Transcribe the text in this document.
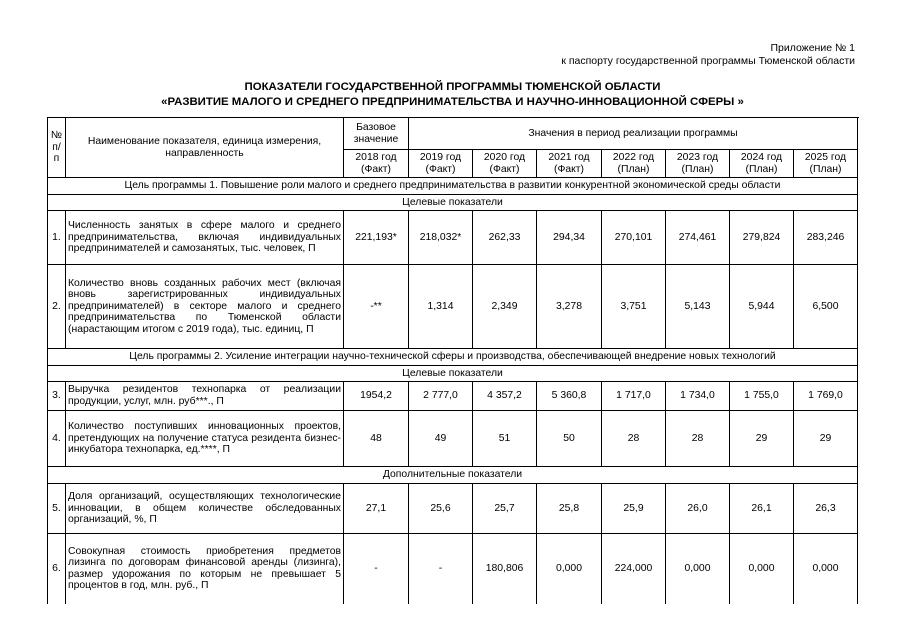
Приложение № 1
к паспорту государственной программы Тюменской области
ПОКАЗАТЕЛИ ГОСУДАРСТВЕННОЙ ПРОГРАММЫ ТЮМЕНСКОЙ ОБЛАСТИ
«РАЗВИТИЕ МАЛОГО И СРЕДНЕГО ПРЕДПРИНИМАТЕЛЬСТВА И НАУЧНО-ИННОВАЦИОННОЙ СФЕРЫ »
№ п/п	Наименование показателя, единица измерения, направленность	Базовое значение	Значения в период реализации программы						
		2018 год (Факт)	2019 год (Факт)	2020 год (Факт)	2021 год (Факт)	2022 год (План)	2023 год (План)	2024 год (План)	2025 год (План)
Цель программы 1. Повышение роли малого и среднего предпринимательства в развитии конкурентной экономической среды области									
Целевые показатели									
1.	Численность занятых в сфере малого и среднего предпринимательства, включая индивидуальных предпринимателей и самозанятых, тыс. человек, П	221,193*	218,032*	262,33	294,34	270,101	274,461	279,824	283,246
2.	Количество вновь созданных рабочих мест (включая вновь зарегистрированных индивидуальных предпринимателей) в секторе малого и среднего предпринимательства по Тюменской области (нарастающим итогом с 2019 года), тыс. единиц, П	-**	1,314	2,349	3,278	3,751	5,143	5,944	6,500
Цель программы 2. Усиление интеграции научно-технической сферы и производства, обеспечивающей внедрение новых технологий									
Целевые показатели									
3.	Выручка резидентов технопарка от реализации продукции, услуг, млн. руб***., П	1954,2	2 777,0	4 357,2	5 360,8	1 717,0	1 734,0	1 755,0	1 769,0
4.	Количество поступивших инновационных проектов, претендующих на получение статуса резидента бизнес-инкубатора технопарка, ед.****, П	48	49	51	50	28	28	29	29
Дополнительные показатели									
5.	Доля организаций, осуществляющих технологические инновации, в общем количестве обследованных организаций, %, П	27,1	25,6	25,7	25,8	25,9	26,0	26,1	26,3
6.	Совокупная стоимость приобретения предметов лизинга по договорам финансовой аренды (лизинга), размер удорожания по которым не превышает 5 процентов в год, млн. руб., П	-	-	180,806	0,000	224,000	0,000	0,000	0,000
